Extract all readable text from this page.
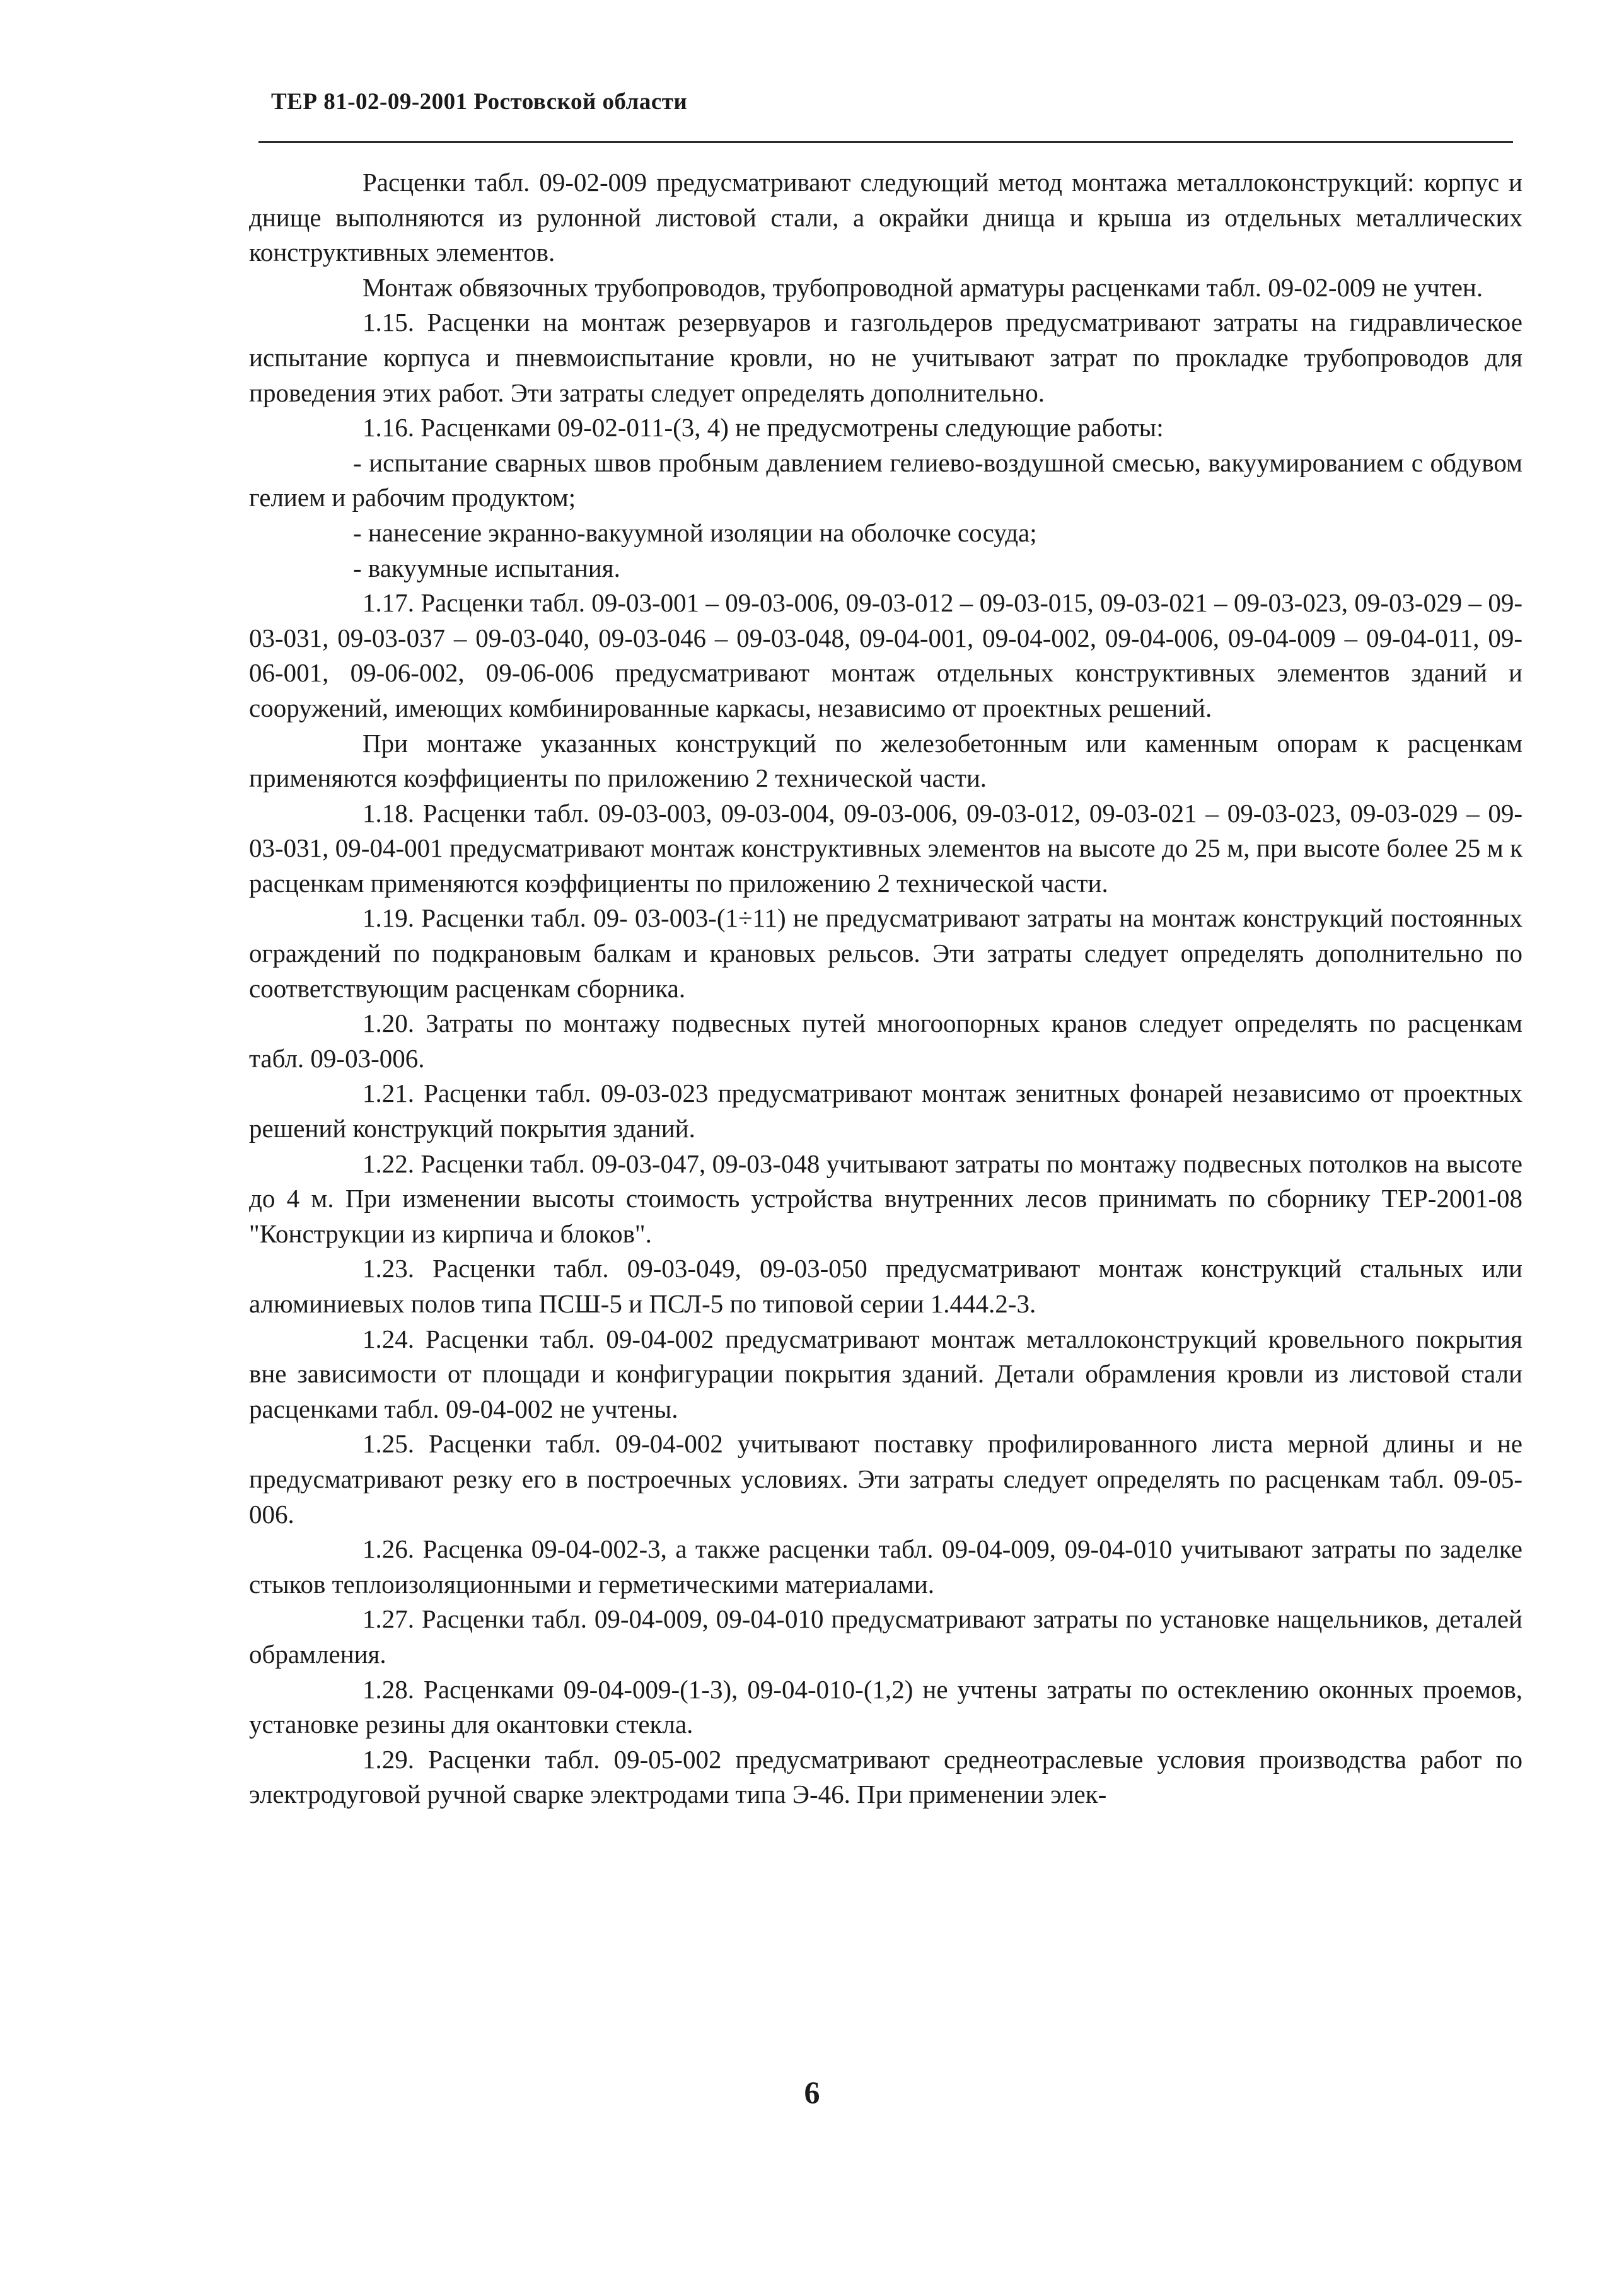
ТЕР 81-02-09-2001 Ростовской области

Расценки табл. 09-02-009 предусматривают следующий метод монтажа металлоконструкций: корпус и днище выполняются из рулонной листовой стали, а окрайки днища и крыша из отдельных металлических конструктивных элементов.

Монтаж обвязочных трубопроводов, трубопроводной арматуры расценками табл. 09-02-009 не учтен.

1.15. Расценки на монтаж резервуаров и газгольдеров предусматривают затраты на гидравлическое испытание корпуса и пневмоиспытание кровли, но не учитывают затрат по прокладке трубопроводов для проведения этих работ. Эти затраты следует определять дополнительно.

1.16. Расценками 09-02-011-(3, 4) не предусмотрены следующие работы:

- испытание сварных швов пробным давлением гелиево-воздушной смесью, вакуумированием с обдувом гелием и рабочим продуктом;

- нанесение экранно-вакуумной изоляции на оболочке сосуда;

- вакуумные испытания.

1.17. Расценки табл. 09-03-001 – 09-03-006, 09-03-012 – 09-03-015, 09-03-021 – 09-03-023, 09-03-029 – 09-03-031, 09-03-037 – 09-03-040, 09-03-046 – 09-03-048, 09-04-001, 09-04-002, 09-04-006, 09-04-009 – 09-04-011, 09-06-001, 09-06-002, 09-06-006 предусматривают монтаж отдельных конструктивных элементов зданий и сооружений, имеющих комбинированные каркасы, независимо от проектных решений.

При монтаже указанных конструкций по железобетонным или каменным опорам к расценкам применяются коэффициенты по приложению 2 технической части.

1.18. Расценки табл. 09-03-003, 09-03-004, 09-03-006, 09-03-012, 09-03-021 – 09-03-023, 09-03-029 – 09-03-031, 09-04-001 предусматривают монтаж конструктивных элементов на высоте до 25 м, при высоте более 25 м к расценкам применяются коэффициенты по приложению 2 технической части.

1.19. Расценки табл. 09- 03-003-(1÷11) не предусматривают затраты на монтаж конструкций постоянных ограждений по подкрановым балкам и крановых рельсов. Эти затраты следует определять дополнительно по соответствующим расценкам сборника.

1.20. Затраты по монтажу подвесных путей многоопорных кранов следует определять по расценкам табл. 09-03-006.

1.21. Расценки табл. 09-03-023 предусматривают монтаж зенитных фонарей независимо от проектных решений конструкций покрытия зданий.

1.22. Расценки табл. 09-03-047, 09-03-048 учитывают затраты по монтажу подвесных потолков на высоте до 4 м. При изменении высоты стоимость устройства внутренних лесов принимать по сборнику ТЕР-2001-08 "Конструкции из кирпича и блоков".

1.23. Расценки табл. 09-03-049, 09-03-050 предусматривают монтаж конструкций стальных или алюминиевых полов типа ПСШ-5 и ПСЛ-5 по типовой серии 1.444.2-3.

1.24. Расценки табл. 09-04-002 предусматривают монтаж металлоконструкций кровельного покрытия вне зависимости от площади и конфигурации покрытия зданий. Детали обрамления кровли из листовой стали расценками табл. 09-04-002 не учтены.

1.25. Расценки табл. 09-04-002 учитывают поставку профилированного листа мерной длины и не предусматривают резку его в построечных условиях. Эти затраты следует определять по расценкам табл. 09-05-006.

1.26. Расценка 09-04-002-3, а также расценки табл. 09-04-009, 09-04-010 учитывают затраты по заделке стыков теплоизоляционными и герметическими материалами.

1.27. Расценки табл. 09-04-009, 09-04-010 предусматривают затраты по установке нащельников, деталей обрамления.

1.28. Расценками 09-04-009-(1-3), 09-04-010-(1,2) не учтены затраты по остеклению оконных проемов, установке резины для окантовки стекла.

1.29. Расценки табл. 09-05-002 предусматривают среднеотраслевые условия производства работ по электродуговой ручной сварке электродами типа Э-46. При применении элек-

6
